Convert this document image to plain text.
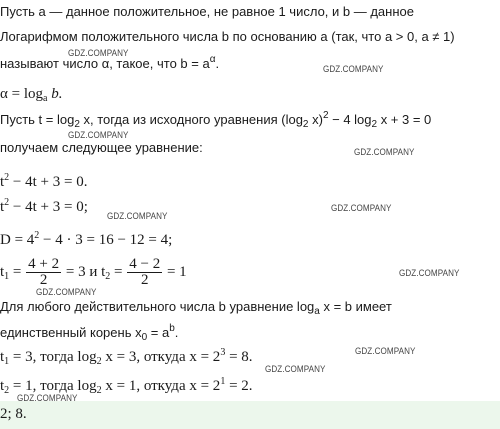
Пусть a — данное положительное, не равное 1 число, и b — данное
Логарифмом положительного числа b по основанию a (так, что a > 0, a ≠ 1)
называют число α, такое, что $b = a^\alpha$.
$\alpha = \log_a b$.
Пусть $t = \log_2 x$, тогда из исходного уравнения ($\log_2$ x)$^2$ − 4 $\log_2 x + 3 = 0$
получаем следующее уравнение:
$t^2 - 4t + 3 = 0$.
$t^2 - 4t + 3 = 0$;
$D = 4^2 - 4 \cdot 3 = 16 - 12 = 4$;
$t_1 = \frac{4 + 2}{2} = 3$ и $t_2 = \frac{4 - 2}{2} = 1$
Для любого действительного числа b уравнение $\log_a x = b$ имеет
единственный корень $x_0 = a^b$.
$t_1 = 3$, тогда $\log_2 x = 3$, откуда $x = 2^3 = 8$.
$t_2 = 1$, тогда $\log_2 x = 1$, откуда $x = 2^1 = 2$.
2; 8.
GDZ.COMPANY
GDZ.COMPANY
GDZ.COMPANY
GDZ.COMPANY
GDZ.COMPANY
GDZ.COMPANY
GDZ.COMPANY
GDZ.COMPANY
GDZ.COMPANY
GDZ.COMPANY
GDZ.COMPANY
